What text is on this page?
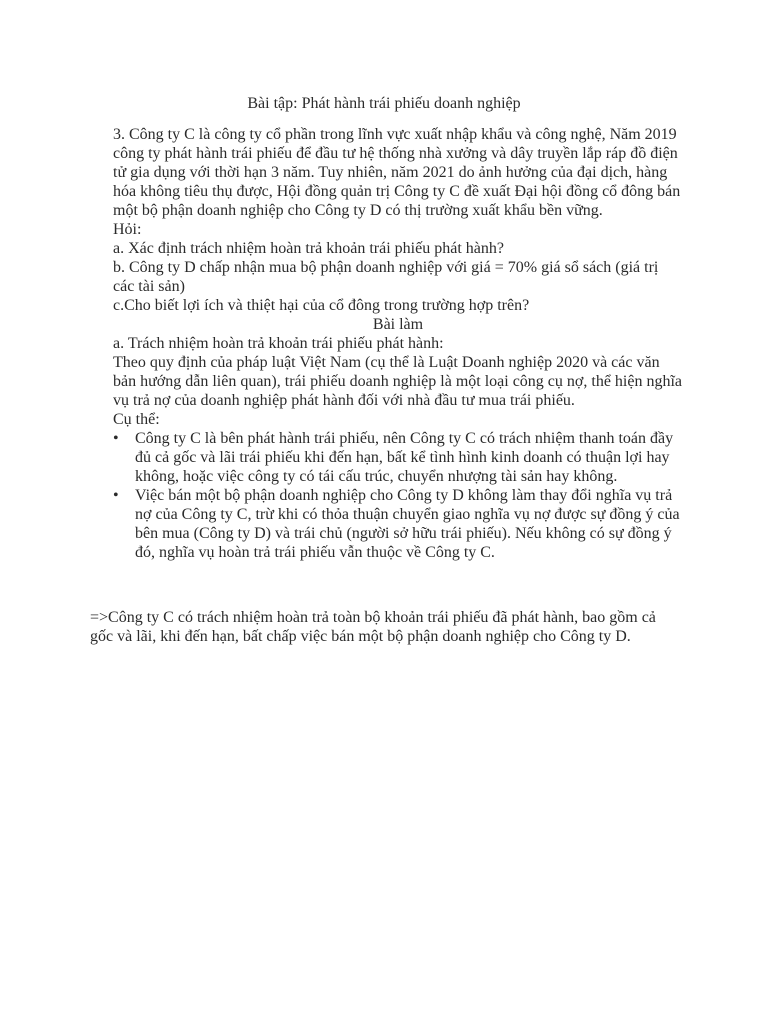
Bài tập: Phát hành trái phiếu doanh nghiệp

3. Công ty C là công ty cổ phần trong lĩnh vực xuất nhập khẩu và công nghệ, Năm 2019 công ty phát hành trái phiếu để đầu tư hệ thống nhà xưởng và dây truyền lắp ráp đồ điện tử gia dụng với thời hạn 3 năm. Tuy nhiên, năm 2021 do ảnh hưởng của đại dịch, hàng hóa không tiêu thụ được, Hội đồng quản trị Công ty C đề xuất Đại hội đồng cổ đông bán một bộ phận doanh nghiệp cho Công ty D có thị trường xuất khẩu bền vững.

Hỏi:

a. Xác định trách nhiệm hoàn trả khoản trái phiếu phát hành?

b. Công ty D chấp nhận mua bộ phận doanh nghiệp với giá = 70% giá sổ sách (giá trị các tài sản)

c.Cho biết lợi ích và thiệt hại của cổ đông trong trường hợp trên?

Bài làm

a. Trách nhiệm hoàn trả khoản trái phiếu phát hành:

Theo quy định của pháp luật Việt Nam (cụ thể là Luật Doanh nghiệp 2020 và các văn bản hướng dẫn liên quan), trái phiếu doanh nghiệp là một loại công cụ nợ, thể hiện nghĩa vụ trả nợ của doanh nghiệp phát hành đối với nhà đầu tư mua trái phiếu.

Cụ thể:

• Công ty C là bên phát hành trái phiếu, nên Công ty C có trách nhiệm thanh toán đầy đủ cả gốc và lãi trái phiếu khi đến hạn, bất kể tình hình kinh doanh có thuận lợi hay không, hoặc việc công ty có tái cấu trúc, chuyển nhượng tài sản hay không.
• Việc bán một bộ phận doanh nghiệp cho Công ty D không làm thay đổi nghĩa vụ trả nợ của Công ty C, trừ khi có thỏa thuận chuyển giao nghĩa vụ nợ được sự đồng ý của bên mua (Công ty D) và trái chủ (người sở hữu trái phiếu). Nếu không có sự đồng ý đó, nghĩa vụ hoàn trả trái phiếu vẫn thuộc về Công ty C.

=>Công ty C có trách nhiệm hoàn trả toàn bộ khoản trái phiếu đã phát hành, bao gồm cả gốc và lãi, khi đến hạn, bất chấp việc bán một bộ phận doanh nghiệp cho Công ty D.
